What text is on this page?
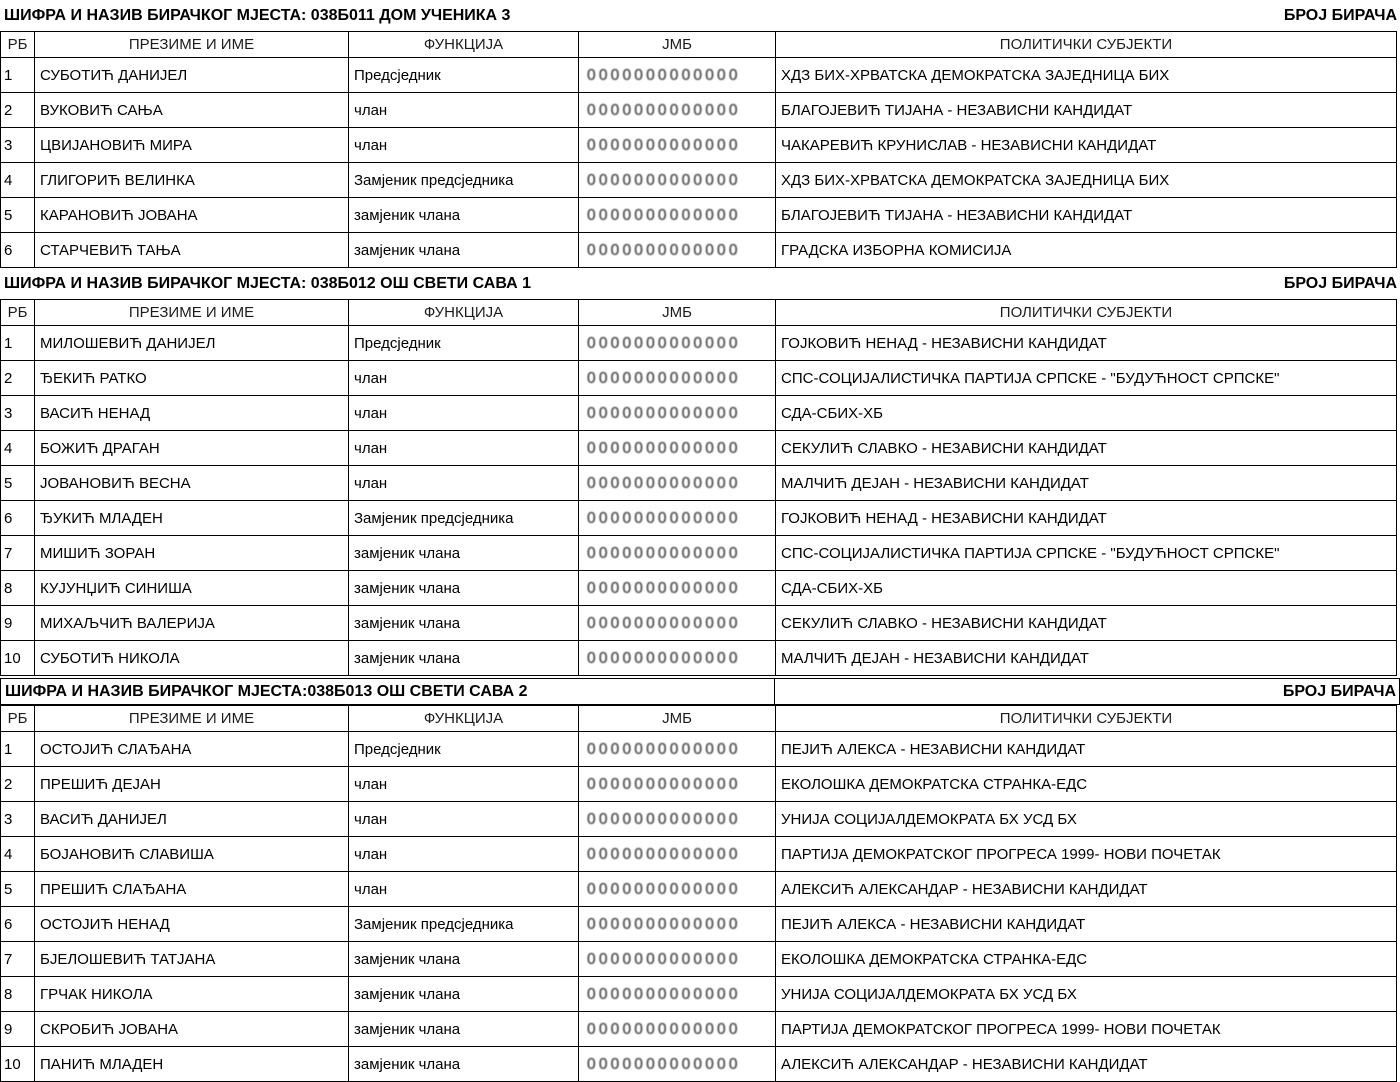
ШИФРА И НАЗИВ БИРАЧКОГ МЈЕСТА: 038Б011 ДОМ УЧЕНИКА 3	БРОЈ БИРАЧА
РБ	ПРЕЗИМЕ И ИМЕ	ФУНКЦИЈА	ЈМБ	ПОЛИТИЧКИ СУБЈЕКТИ
1	СУБОТИЋ ДАНИЈЕЛ	Предсједник	0000000000000	ХДЗ БИХ-ХРВАТСКА ДЕМОКРАТСКА ЗАЈЕДНИЦА БИХ
2	ВУКОВИЋ САЊА	члан	0000000000000	БЛАГОЈЕВИЋ ТИЈАНА - НЕЗАВИСНИ КАНДИДАТ
3	ЦВИЈАНОВИЋ МИРА	члан	0000000000000	ЧАКАРЕВИЋ КРУНИСЛАВ - НЕЗАВИСНИ КАНДИДАТ
4	ГЛИГОРИЋ ВЕЛИНКА	Замјеник предсједника	0000000000000	ХДЗ БИХ-ХРВАТСКА ДЕМОКРАТСКА ЗАЈЕДНИЦА БИХ
5	КАРАНОВИЋ ЈОВАНА	замјеник члана	0000000000000	БЛАГОЈЕВИЋ ТИЈАНА - НЕЗАВИСНИ КАНДИДАТ
6	СТАРЧЕВИЋ ТАЊА	замјеник члана	0000000000000	ГРАДСКА ИЗБОРНА КОМИСИЈА
ШИФРА И НАЗИВ БИРАЧКОГ МЈЕСТА: 038Б012 ОШ СВЕТИ САВА 1	БРОЈ БИРАЧА
РБ	ПРЕЗИМЕ И ИМЕ	ФУНКЦИЈА	ЈМБ	ПОЛИТИЧКИ СУБЈЕКТИ
1	МИЛОШЕВИЋ ДАНИЈЕЛ	Предсједник	0000000000000	ГОЈКОВИЋ НЕНАД - НЕЗАВИСНИ КАНДИДАТ
2	ЂЕКИЋ РАТКО	члан	0000000000000	СПС-СОЦИЈАЛИСТИЧКА ПАРТИЈА СРПСКЕ - "БУДУЋНОСТ СРПСКЕ"
3	ВАСИЋ НЕНАД	члан	0000000000000	СДА-СБИХ-ХБ
4	БОЖИЋ ДРАГАН	члан	0000000000000	СЕКУЛИЋ СЛАВКО - НЕЗАВИСНИ КАНДИДАТ
5	ЈОВАНОВИЋ ВЕСНА	члан	0000000000000	МАЛЧИЋ ДЕЈАН - НЕЗАВИСНИ КАНДИДАТ
6	ЂУКИЋ МЛАДЕН	Замјеник предсједника	0000000000000	ГОЈКОВИЋ НЕНАД - НЕЗАВИСНИ КАНДИДАТ
7	МИШИЋ ЗОРАН	замјеник члана	0000000000000	СПС-СОЦИЈАЛИСТИЧКА ПАРТИЈА СРПСКЕ - "БУДУЋНОСТ СРПСКЕ"
8	КУЈУНЏИЋ СИНИША	замјеник члана	0000000000000	СДА-СБИХ-ХБ
9	МИХАЉЧИЋ ВАЛЕРИЈА	замјеник члана	0000000000000	СЕКУЛИЋ СЛАВКО - НЕЗАВИСНИ КАНДИДАТ
10	СУБОТИЋ НИКОЛА	замјеник члана	0000000000000	МАЛЧИЋ ДЕЈАН - НЕЗАВИСНИ КАНДИДАТ
ШИФРА И НАЗИВ БИРАЧКОГ МЈЕСТА:038Б013 ОШ СВЕТИ САВА 2	БРОЈ БИРАЧА
РБ	ПРЕЗИМЕ И ИМЕ	ФУНКЦИЈА	ЈМБ	ПОЛИТИЧКИ СУБЈЕКТИ
1	ОСТОЈИЋ СЛАЂАНА	Предсједник	0000000000000	ПЕЈИЋ АЛЕКСА - НЕЗАВИСНИ КАНДИДАТ
2	ПРЕШИЋ ДЕЈАН	члан	0000000000000	ЕКОЛОШКА ДЕМОКРАТСКА СТРАНКА-ЕДС
3	ВАСИЋ ДАНИЈЕЛ	члан	0000000000000	УНИЈА СОЦИЈАЛДЕМОКРАТА БХ УСД БХ
4	БОЈАНОВИЋ СЛАВИША	члан	0000000000000	ПАРТИЈА ДЕМОКРАТСКОГ ПРОГРЕСА 1999- НОВИ ПОЧЕТАК
5	ПРЕШИЋ СЛАЂАНА	члан	0000000000000	АЛЕКСИЋ АЛЕКСАНДАР - НЕЗАВИСНИ КАНДИДАТ
6	ОСТОЈИЋ НЕНАД	Замјеник предсједника	0000000000000	ПЕЈИЋ АЛЕКСА - НЕЗАВИСНИ КАНДИДАТ
7	БЈЕЛОШЕВИЋ ТАТЈАНА	замјеник члана	0000000000000	ЕКОЛОШКА ДЕМОКРАТСКА СТРАНКА-ЕДС
8	ГРЧАК НИКОЛА	замјеник члана	0000000000000	УНИЈА СОЦИЈАЛДЕМОКРАТА БХ УСД БХ
9	СКРОБИЋ ЈОВАНА	замјеник члана	0000000000000	ПАРТИЈА ДЕМОКРАТСКОГ ПРОГРЕСА 1999- НОВИ ПОЧЕТАК
10	ПАНИЋ МЛАДЕН	замјеник члана	0000000000000	АЛЕКСИЋ АЛЕКСАНДАР - НЕЗАВИСНИ КАНДИДАТ
